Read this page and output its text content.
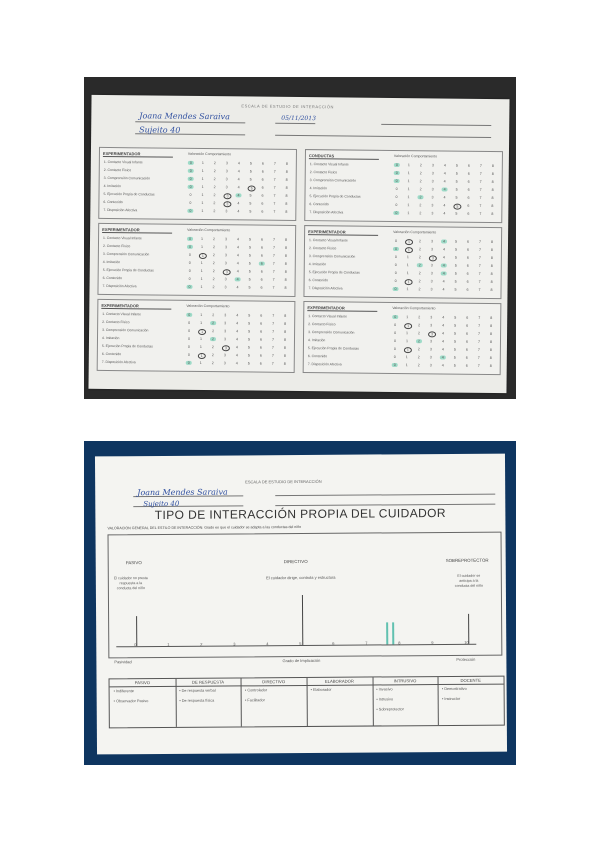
ESCALA DE ESTUDIO DE INTERACCIÓN
Joana Mendes Saraiva	05/11/2013
Sujeito 40
EXPERIMENTADOR	Valoración Comportamiento
1. Contacto Visual Infante	0	1	2	3	4	5	6	7	8
2. Contacto Físico	0	1	2	3	4	5	6	7	8
3. Comprensión Comunicación	0	1	2	3	4	5	6	7	8
4. Imitación	0	1	2	3	4	5	6	7	8
5. Ejecución Propia de Conductas	0	1	2	3	4	5	6	7	8
6. Contenido	0	1	2	3	4	5	6	7	8
7. Disposición Afectiva	0	1	2	3	4	5	6	7	8
CONDUCTAS	Valoración Comportamiento
1. Contacto Visual Infante	0	1	2	3	4	5	6	7	8
2. Contacto Físico	0	1	2	3	4	5	6	7	8
3. Comprensión Comunicación	0	1	2	3	4	5	6	7	8
4. Imitación	0	1	2	3	4	5	6	7	8
5. Ejecución Propia de Conductas	0	1	2	3	4	5	6	7	8
6. Contenido	0	1	2	3	4	5	6	7	8
7. Disposición Afectiva	0	1	2	3	4	5	6	7	8
EXPERIMENTADOR	Valoración Comportamiento
1. Contacto Visual Infante	0	1	2	3	4	5	6	7	8
2. Contacto Físico	0	1	2	3	4	5	6	7	8
3. Comprensión Comunicación	0	1	2	3	4	5	6	7	8
4. Imitación	0	1	2	3	4	5	6	7	8
5. Ejecución Propia de Conductas	0	1	2	3	4	5	6	7	8
6. Contenido	0	1	2	3	4	5	6	7	8
7. Disposición Afectiva	0	1	2	3	4	5	6	7	8
EXPERIMENTADOR	Valoración Comportamiento
1. Contacto Visual Infante	0	1	2	3	4	5	6	7	8
2. Contacto Físico	0	1	2	3	4	5	6	7	8
3. Comprensión Comunicación	0	1	2	3	4	5	6	7	8
4. Imitación	0	1	2	3	4	5	6	7	8
5. Ejecución Propia de Conductas	0	1	2	3	4	5	6	7	8
6. Contenido	0	1	2	3	4	5	6	7	8
7. Disposición Afectiva	0	1	2	3	4	5	6	7	8
EXPERIMENTADOR	Valoración Comportamiento
1. Contacto Visual Infante	0	1	2	3	4	5	6	7	8
2. Contacto Físico	0	1	2	3	4	5	6	7	8
3. Comprensión Comunicación	0	1	2	3	4	5	6	7	8
4. Imitación	0	1	2	3	4	5	6	7	8
5. Ejecución Propia de Conductas	0	1	2	3	4	5	6	7	8
6. Contenido	0	1	2	3	4	5	6	7	8
7. Disposición Afectiva	0	1	2	3	4	5	6	7	8
EXPERIMENTADOR	Valoración Comportamiento
1. Contacto Visual Infante	0	1	2	3	4	5	6	7	8
2. Contacto Físico	0	1	2	3	4	5	6	7	8
3. Comprensión Comunicación	0	1	2	3	4	5	6	7	8
4. Imitación	0	1	2	3	4	5	6	7	8
5. Ejecución Propia de Conductas	0	1	2	3	4	5	6	7	8
6. Contenido	0	1	2	3	4	5	6	7	8
7. Disposición Afectiva	0	1	2	3	4	5	6	7	8
ESCALA DE ESTUDIO DE INTERACCIÓN
Joana Mendes Saraiva
Sujeito 40
TIPO DE INTERACCIÓN PROPIA DEL CUIDADOR
VALORACIÓN GENERAL DEL ESTILO DE INTERACCIÓN: Grado en que el cuidador se adapta a las conductas del niño
PASIVO
El cuidador no presta respuesta a la conducta del niño
DIRECTIVO
El cuidador dirige, controla y estructura
SOBREPROTECTOR
El cuidador se anticipa a la conducta del niño
0	1	2	3	4	5	6	7	8	9	10
Pasividad	Grado de Implicación	Protección
PASIVO
• Indiferente
• Observador Pasivo
DE RESPUESTA
• De respuesta verbal
• De respuesta física
DIRECTIVO
• Controlador
• Facilitador
ELABORADOR
• Elaborador
INTRUSIVO
• Invasivo
• Intrusivo
• Sobreprotector
DOCENTE
• Demostrativo
• Instructor
